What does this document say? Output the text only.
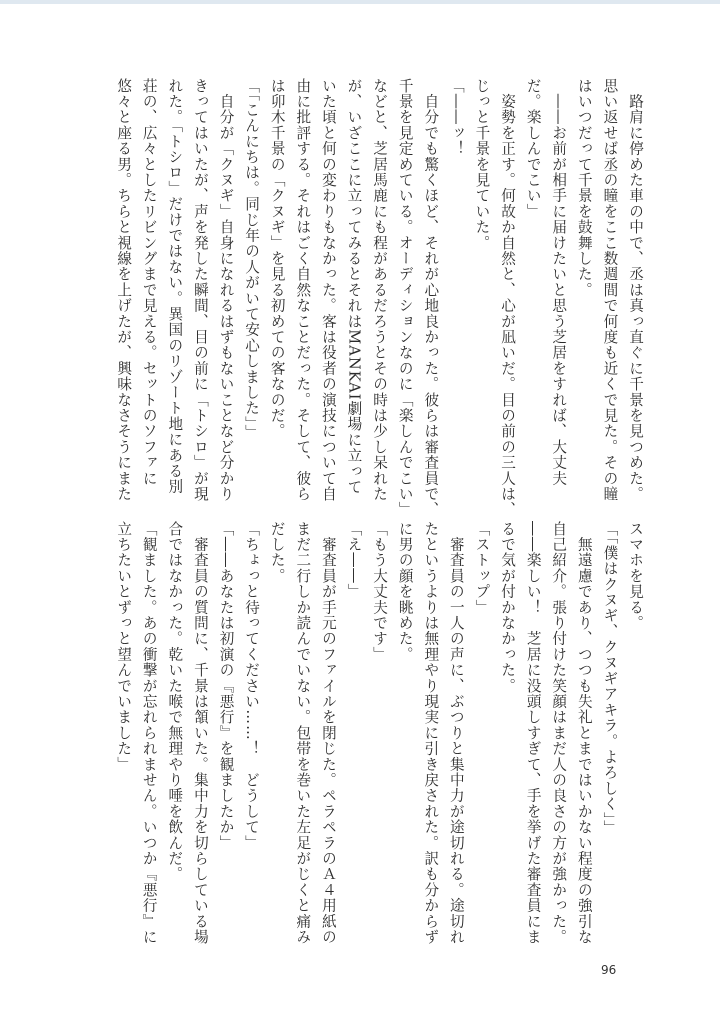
　路肩に停めた車の中で、丞は真っ直ぐに千景を見つめた。
思い返せば丞の瞳をここ数週間で何度も近くで見た。その瞳
はいつだって千景を鼓舞した。
　――お前が相手に届けたいと思う芝居をすれば、大丈夫
だ。楽しんでこい」
　姿勢を正す。何故か自然と、心が凪いだ。目の前の三人は、
じっと千景を見ていた。
「――ッ！
　自分でも驚くほど、それが心地良かった。彼らは審査員で、
千景を見定めている。オーディションなのに「楽しんでこい」
などと、芝居馬鹿にも程があるだろうとその時は少し呆れた
が、いざここに立ってみるとそれはMANKAI劇場に立って
いた頃と何の変わりもなかった。客は役者の演技について自
由に批評する。それはごく自然なことだった。そして、彼ら
は卯木千景の「クヌギ」を見る初めての客なのだ。
「「こんにちは。同じ年の人がいて安心しました」」
　自分が「クヌギ」自身になれるはずもないことなど分かり
きってはいたが、声を発した瞬間、目の前に「トシロ」が現
れた。「トシロ」だけではない。異国のリゾート地にある別
荘の、広々としたリビングまで見える。セットのソファに
悠々と座る男。ちらと視線を上げたが、興味なさそうにまた
スマホを見る。
「「僕はクヌギ、クヌギアキラ。よろしく」」
　無遠慮であり、つつも失礼とまではいかない程度の強引な
自己紹介。張り付けた笑顔はまだ人の良さの方が強かった。
――楽しい！　芝居に没頭しすぎて、手を挙げた審査員にま
るで気が付かなかった。
「ストップ」
　審査員の一人の声に、ぶつりと集中力が途切れる。途切れ
たというよりは無理やり現実に引き戻された。訳も分からず
に男の顔を眺めた。
「もう大丈夫です」
「え――」
　審査員が手元のファイルを閉じた。ペラペラのＡ４用紙の
まだ二行しか読んでいない。包帯を巻いた左足がじくと痛み
だした。
「ちょっと待ってください……！　どうして」
「――あなたは初演の『悪行』を観ましたか」
　審査員の質問に、千景は頷いた。集中力を切らしている場
合ではなかった。乾いた喉で無理やり唾を飲んだ。
「観ました。あの衝撃が忘れられません。いつか『悪行』に
立ちたいとずっと望んでいました」
96
